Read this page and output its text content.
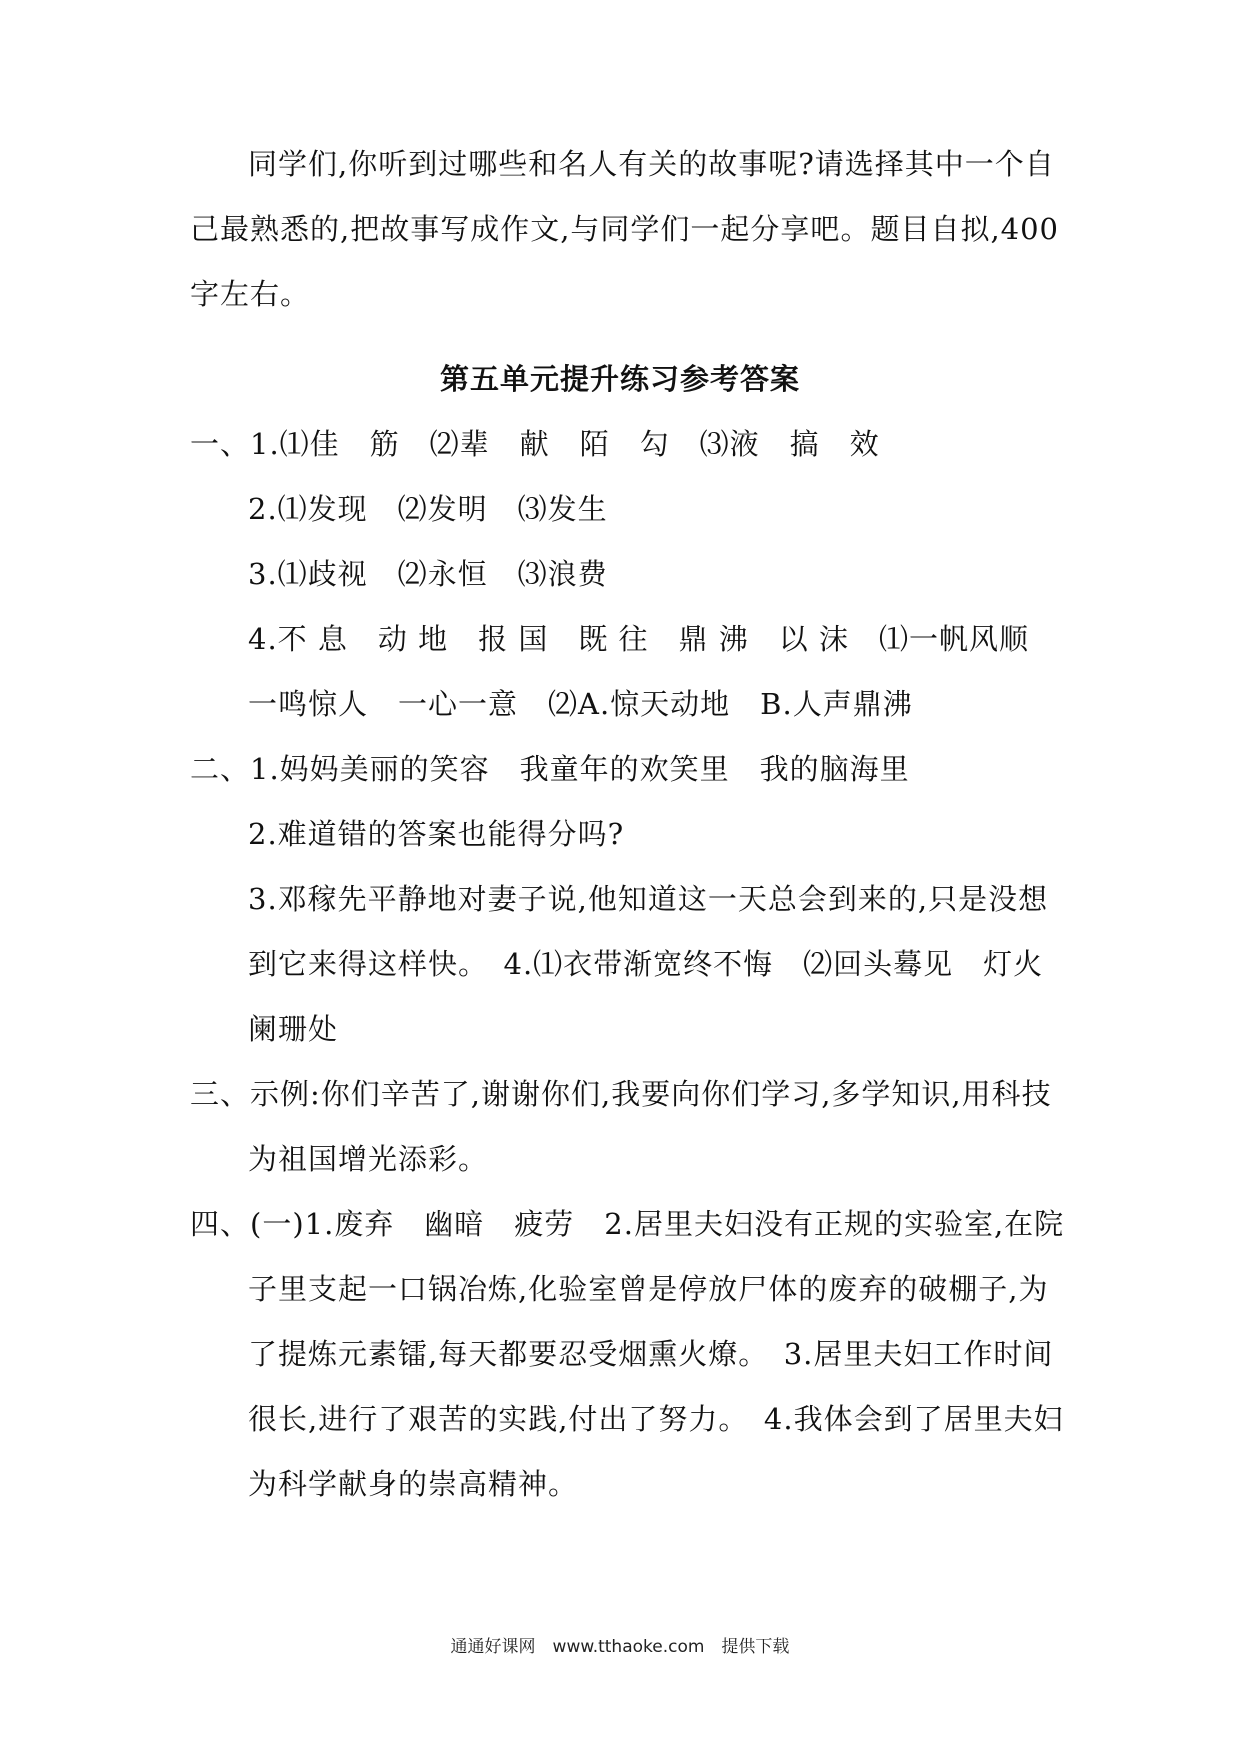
同学们,你听到过哪些和名人有关的故事呢?请选择其中一个自

己最熟悉的,把故事写成作文,与同学们一起分享吧。题目自拟,400

字左右。

第五单元提升练习参考答案

一、1.⑴佳　筋　⑵辈　献　陌　勾　⑶液　搞　效

2.⑴发现　⑵发明　⑶发生

3.⑴歧视　⑵永恒　⑶浪费

4.不 息　动 地　报 国　既 往　鼎 沸　以 沫　⑴一帆风顺

一鸣惊人　一心一意　⑵A.惊天动地　B.人声鼎沸

二、1.妈妈美丽的笑容　我童年的欢笑里　我的脑海里

2.难道错的答案也能得分吗?

3.邓稼先平静地对妻子说,他知道这一天总会到来的,只是没想

到它来得这样快。　4.⑴衣带渐宽终不悔　⑵回头蓦见　灯火

阑珊处

三、示例:你们辛苦了,谢谢你们,我要向你们学习,多学知识,用科技

为祖国增光添彩。

四、(一)1.废弃　幽暗　疲劳　2.居里夫妇没有正规的实验室,在院

子里支起一口锅冶炼,化验室曾是停放尸体的废弃的破棚子,为

了提炼元素镭,每天都要忍受烟熏火燎。　3.居里夫妇工作时间

很长,进行了艰苦的实践,付出了努力。　4.我体会到了居里夫妇

为科学献身的崇高精神。

通通好课网　www.tthaoke.com　提供下载
